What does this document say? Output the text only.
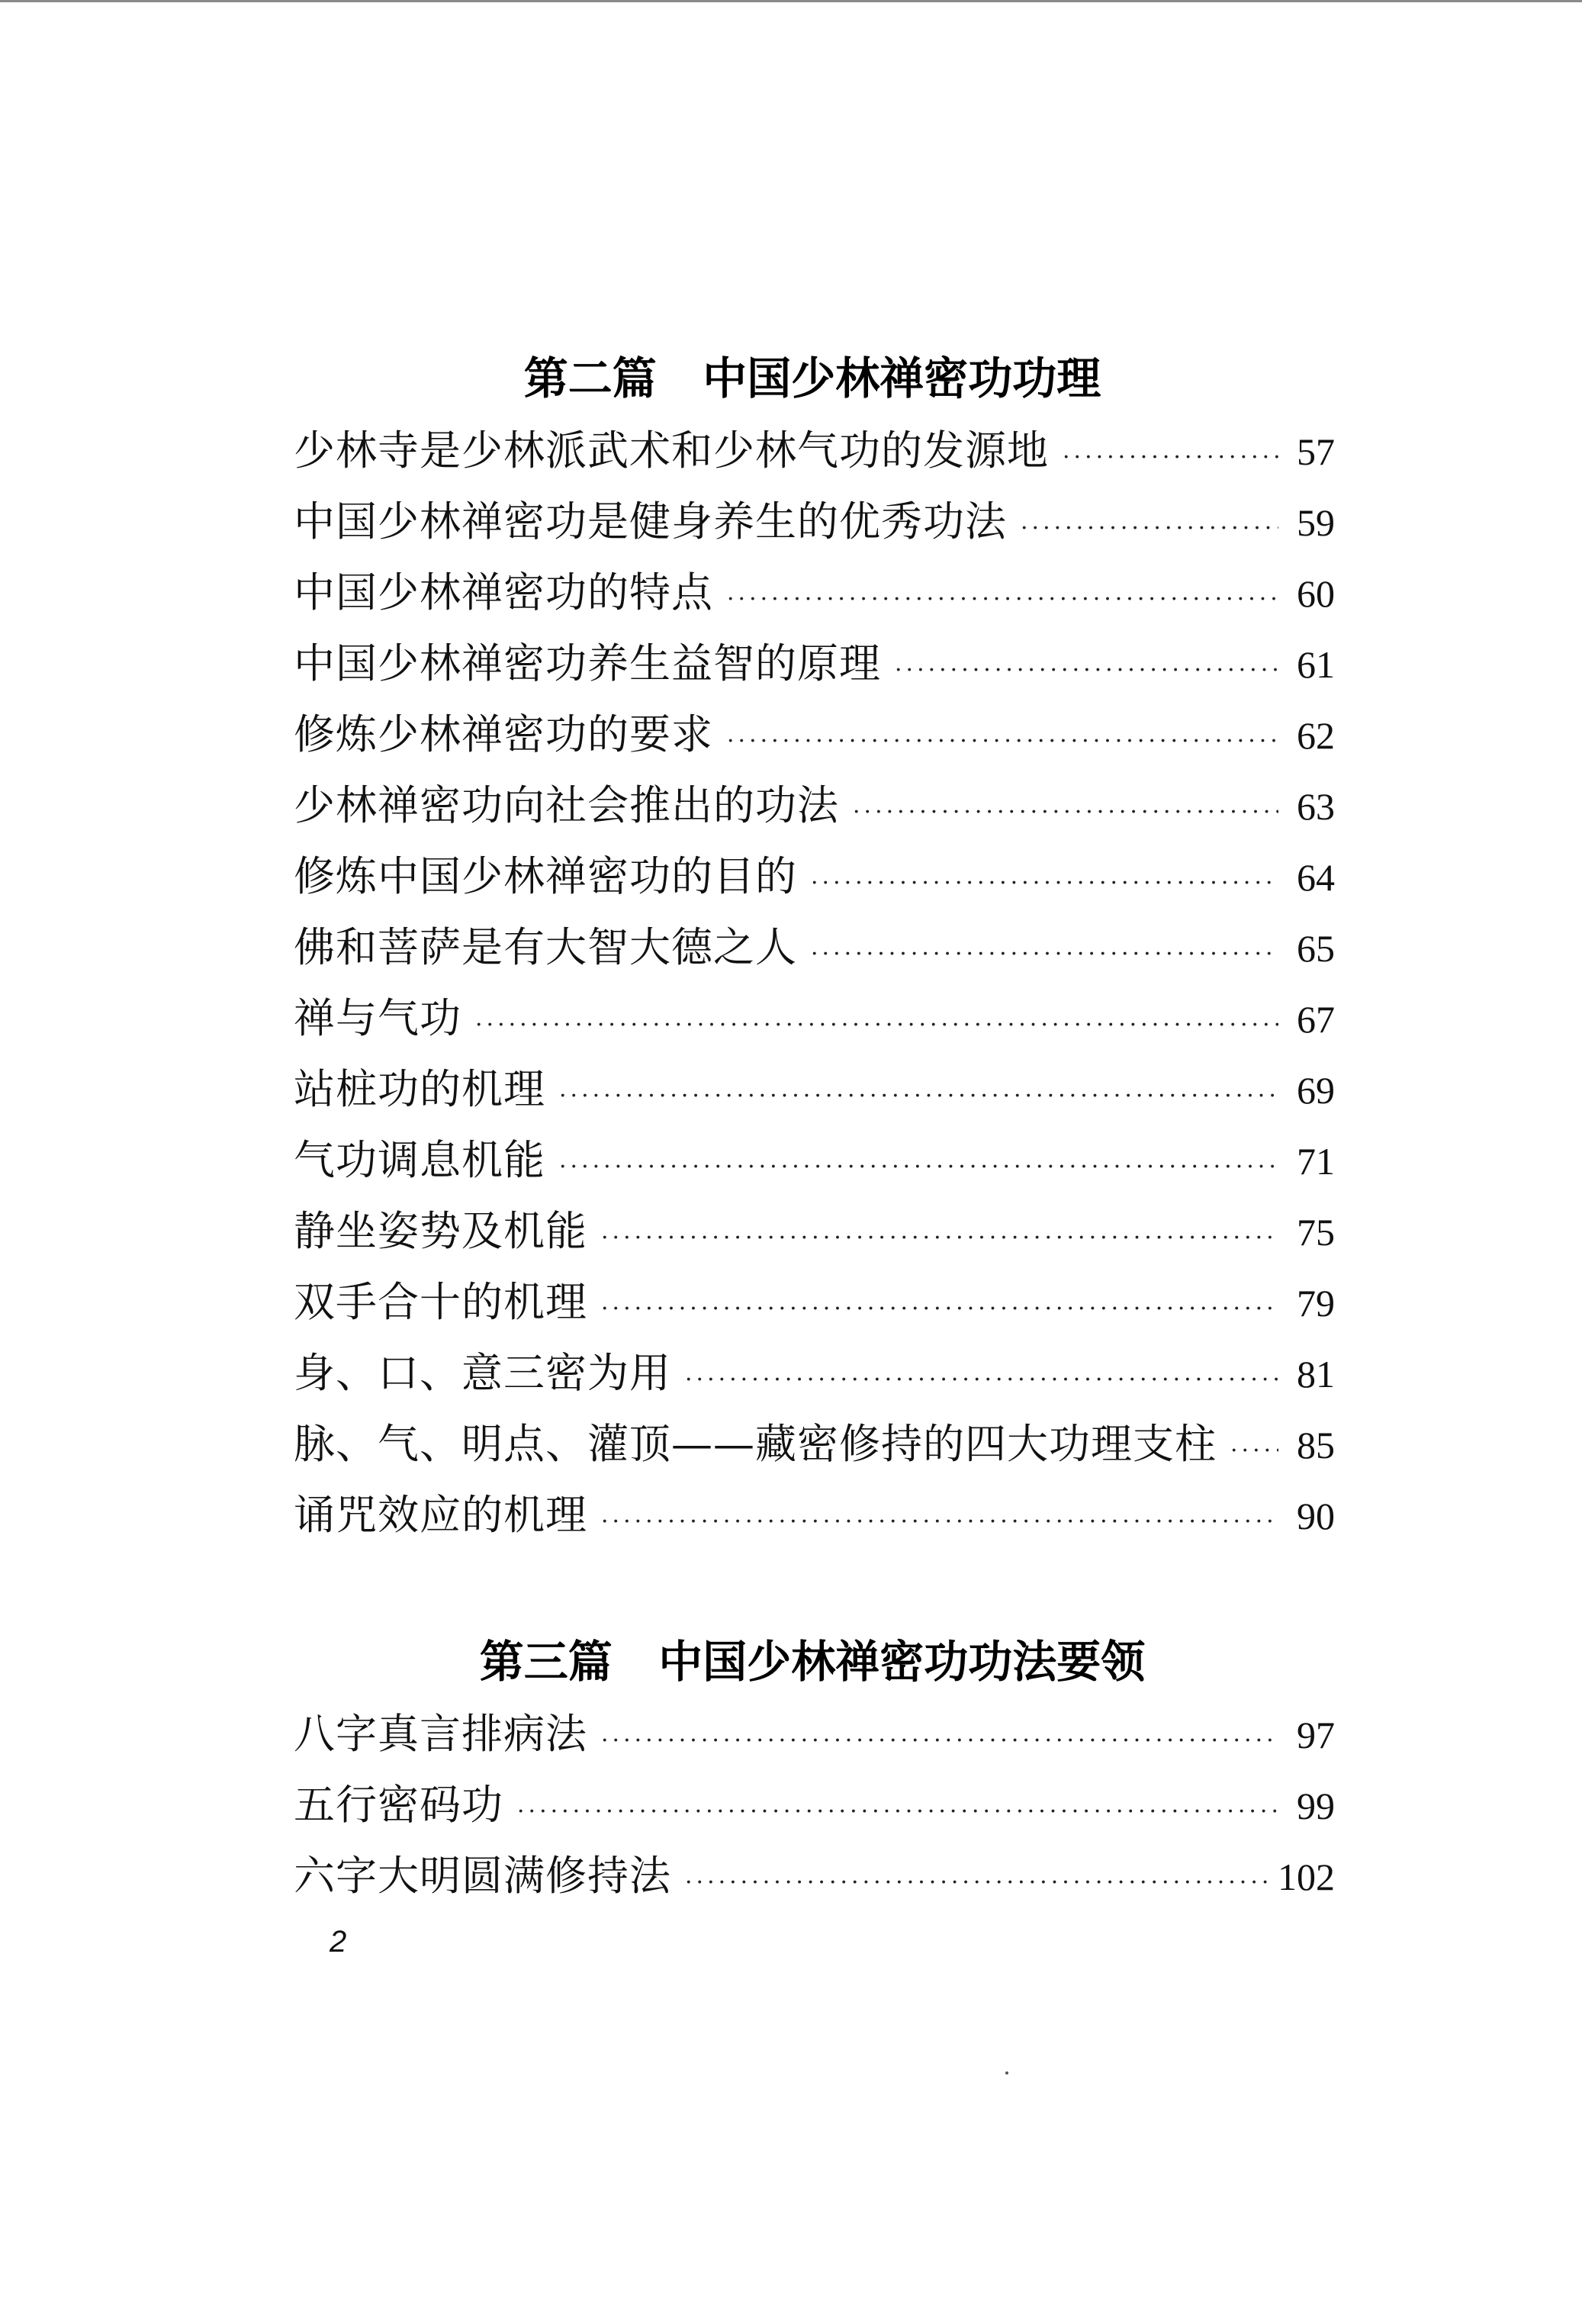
第二篇   中国少林禅密功功理
少林寺是少林派武术和少林气功的发源地 ·····	57
中国少林禅密功是健身养生的优秀功法 ·····	59
中国少林禅密功的特点 ·····	60
中国少林禅密功养生益智的原理 ·····	61
修炼少林禅密功的要求 ·····	62
少林禅密功向社会推出的功法 ·····	63
修炼中国少林禅密功的目的 ·····	64
佛和菩萨是有大智大德之人 ·····	65
禅与气功 ·····	67
站桩功的机理 ·····	69
气功调息机能 ·····	71
静坐姿势及机能 ·····	75
双手合十的机理 ·····	79
身、口、意三密为用 ·····	81
脉、气、明点、灌顶——藏密修持的四大功理支柱 ····· 85
诵咒效应的机理 ·····	90
第三篇   中国少林禅密功功法要领
八字真言排病法 ·····	97
五行密码功 ·····	99
六字大明圆满修持法 ·····	102
2
